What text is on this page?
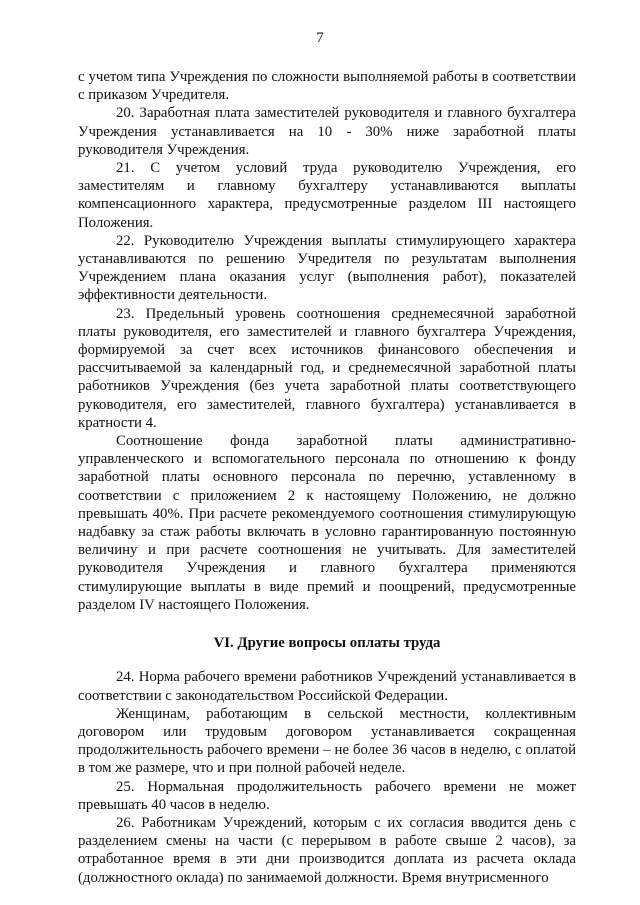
7

с учетом типа Учреждения по сложности выполняемой работы в соответствии с приказом Учредителя.

20. Заработная плата заместителей руководителя и главного бухгалтера Учреждения устанавливается на 10 - 30% ниже заработной платы руководителя Учреждения.

21. С учетом условий труда руководителю Учреждения, его заместителям и главному бухгалтеру устанавливаются выплаты компенсационного характера, предусмотренные разделом III настоящего Положения.

22. Руководителю Учреждения выплаты стимулирующего характера устанавливаются по решению Учредителя по результатам выполнения Учреждением плана оказания услуг (выполнения работ), показателей эффективности деятельности.

23. Предельный уровень соотношения среднемесячной заработной платы руководителя, его заместителей и главного бухгалтера Учреждения, формируемой за счет всех источников финансового обеспечения и рассчитываемой за календарный год, и среднемесячной заработной платы работников Учреждения (без учета заработной платы соответствующего руководителя, его заместителей, главного бухгалтера) устанавливается в кратности 4.

Соотношение фонда заработной платы административно-управленческого и вспомогательного персонала по отношению к фонду заработной платы основного персонала по перечню, уставленному в соответствии с приложением 2 к настоящему Положению, не должно превышать 40%. При расчете рекомендуемого соотношения стимулирующую надбавку за стаж работы включать в условно гарантированную постоянную величину и при расчете соотношения не учитывать. Для заместителей руководителя Учреждения и главного бухгалтера применяются стимулирующие выплаты в виде премий и поощрений, предусмотренные разделом IV настоящего Положения.

VI. Другие вопросы оплаты труда

24. Норма рабочего времени работников Учреждений устанавливается в соответствии с законодательством Российской Федерации.

Женщинам, работающим в сельской местности, коллективным договором или трудовым договором устанавливается сокращенная продолжительность рабочего времени – не более 36 часов в неделю, с оплатой в том же размере, что и при полной рабочей неделе.

25. Нормальная продолжительность рабочего времени не может превышать 40 часов в неделю.

26. Работникам Учреждений, которым с их согласия вводится день с разделением смены на части (с перерывом в работе свыше 2 часов), за отработанное время в эти дни производится доплата из расчета оклада (должностного оклада) по занимаемой должности. Время внутрисменного
